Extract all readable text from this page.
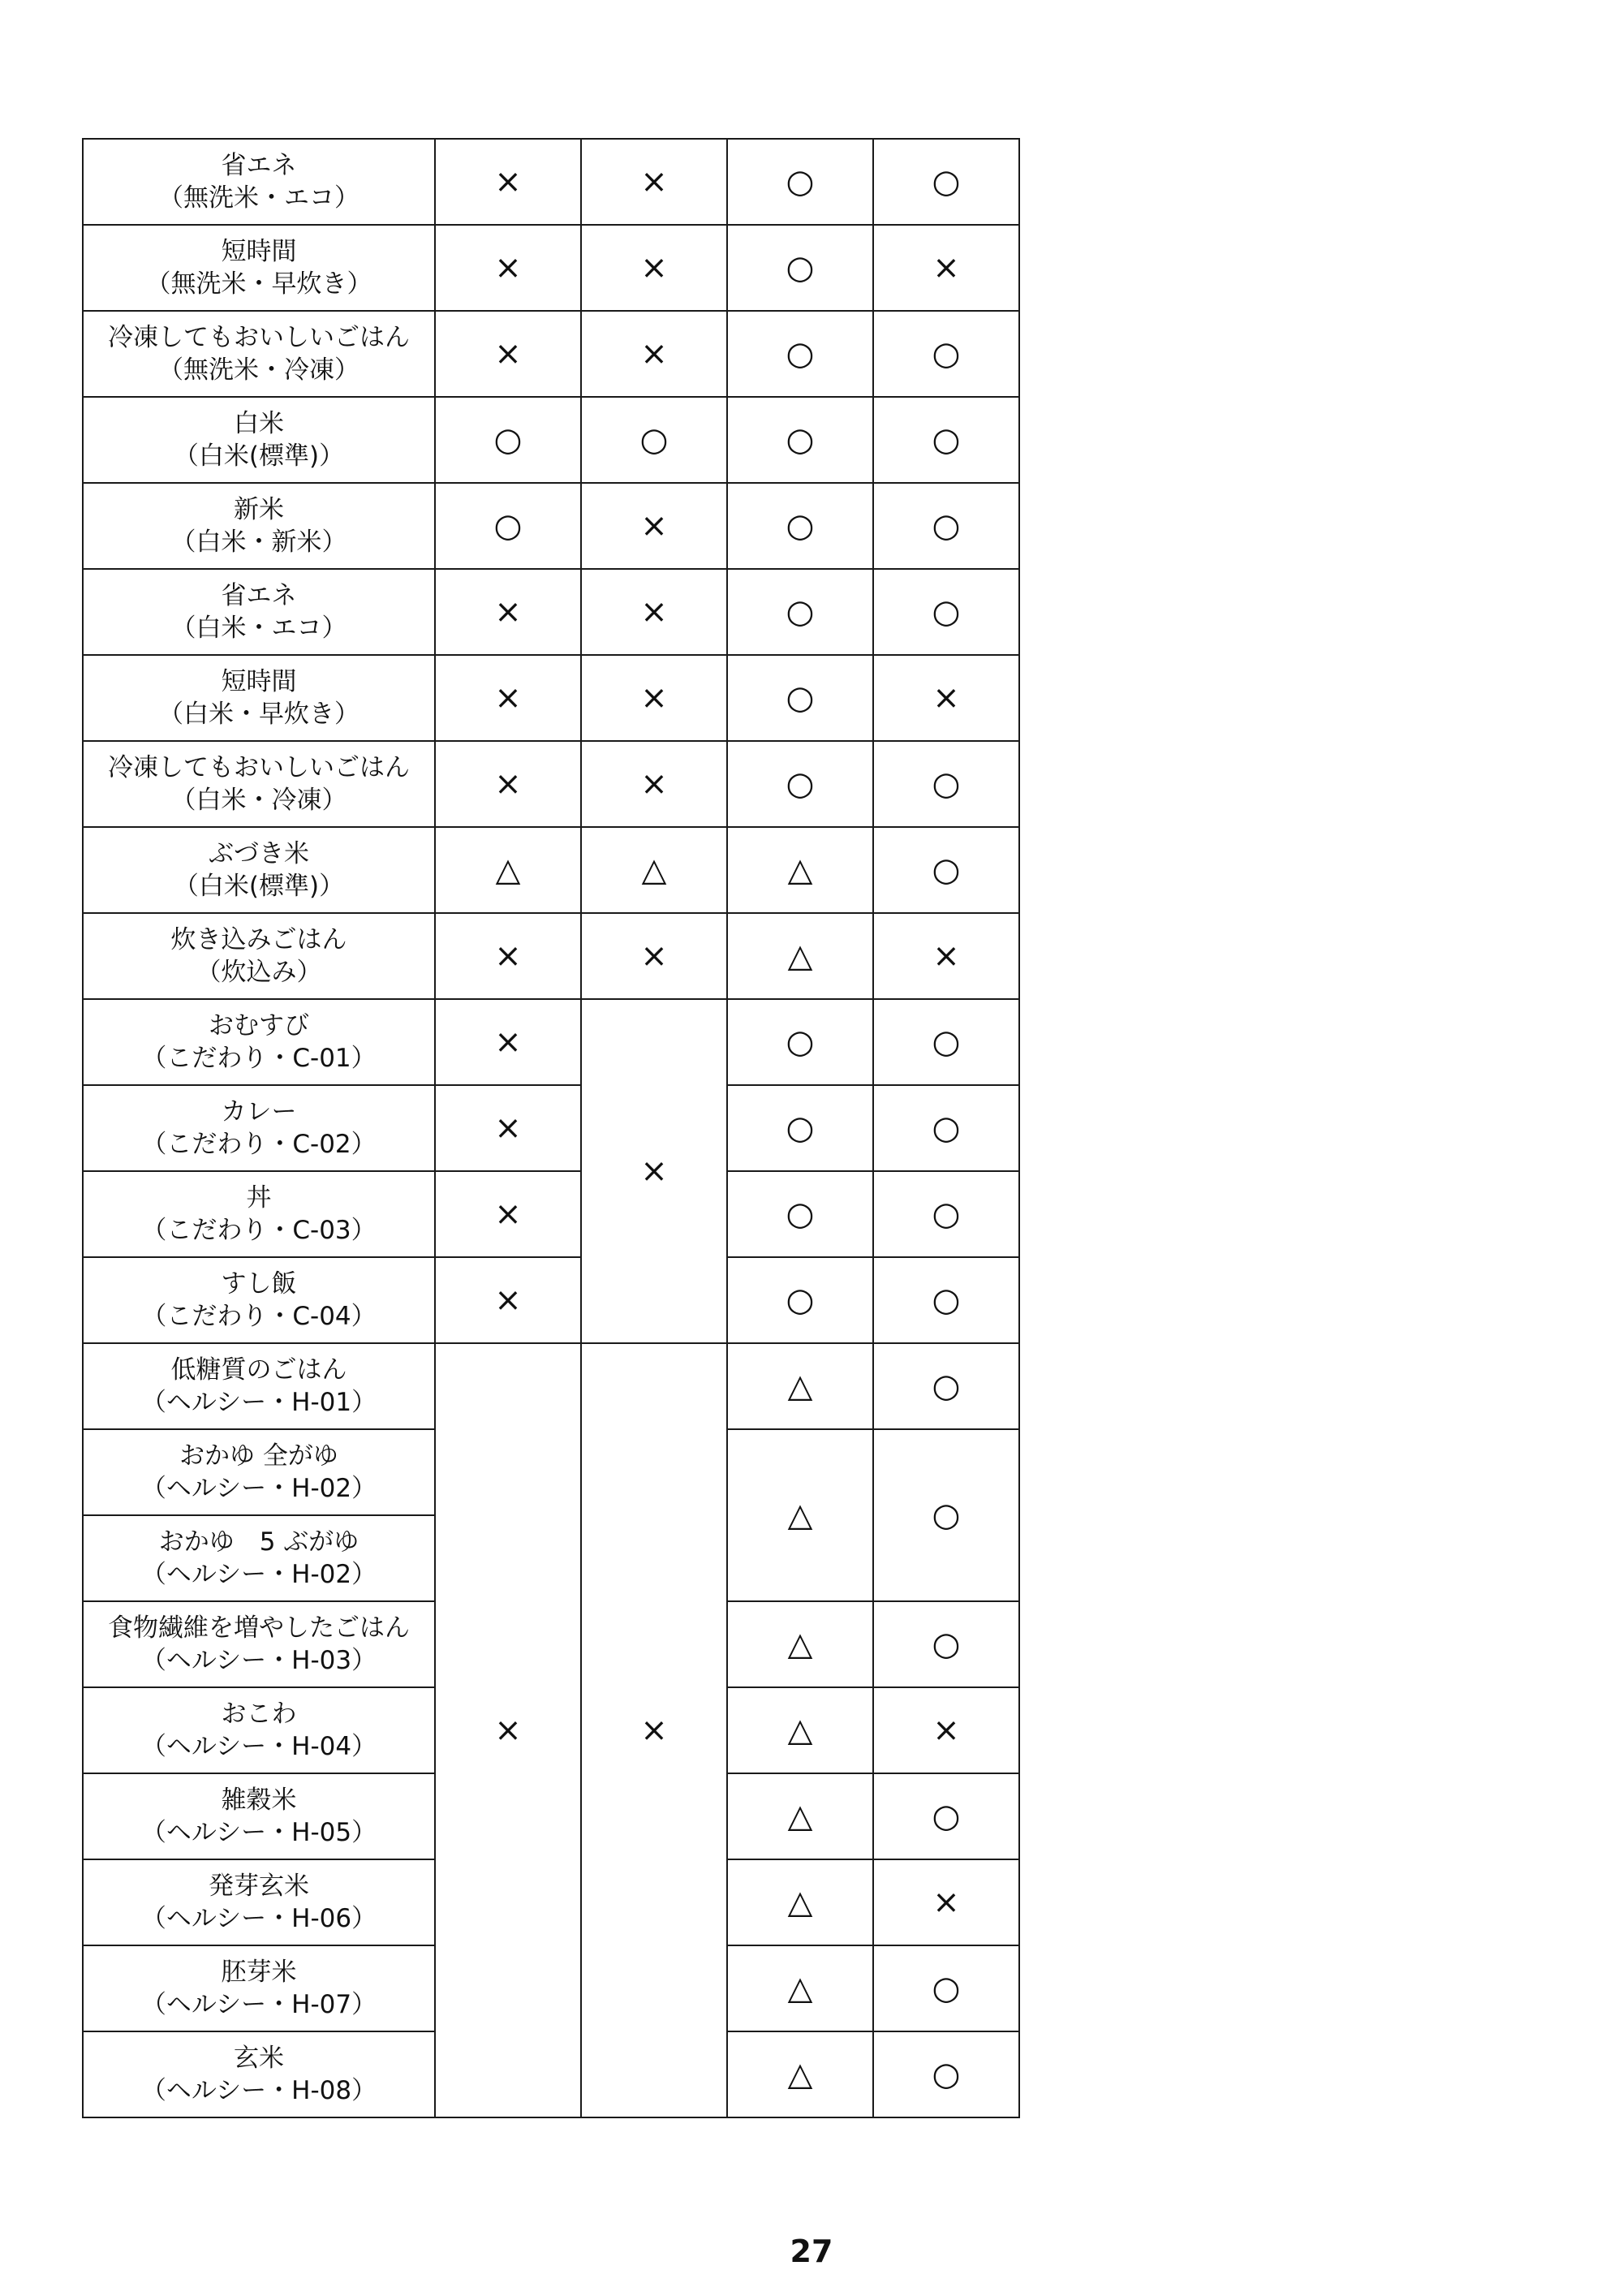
省エネ
（無洗米・エコ）	×	×	○	○

短時間
（無洗米・早炊き）	×	×	○	×

冷凍してもおいしいごはん
（無洗米・冷凍）	×	×	○	○

白米
（白米(標準)）	○	○	○	○

新米
（白米・新米）	○	×	○	○

省エネ
（白米・エコ）	×	×	○	○

短時間
（白米・早炊き）	×	×	○	×

冷凍してもおいしいごはん
（白米・冷凍）	×	×	○	○

ぶづき米
（白米(標準)）	△	△	△	○

炊き込みごはん
（炊込み）	×	×	△	×

おむすび
（こだわり・C-01）	×	×	○	○

カレー
（こだわり・C-02）	×		○	○

丼
（こだわり・C-03）	×		○	○

すし飯
（こだわり・C-04）	×		○	○

低糖質のごはん
（ヘルシー・H-01）	×	×	△	○

おかゆ 全がゆ
（ヘルシー・H-02）			△	○

おかゆ　5 ぶがゆ
（ヘルシー・H-02）				

食物繊維を増やしたごはん
（ヘルシー・H-03）			△	○

おこわ
（ヘルシー・H-04）			△	×

雑穀米
（ヘルシー・H-05）			△	○

発芽玄米
（ヘルシー・H-06）			△	×

胚芽米
（ヘルシー・H-07）			△	○

玄米
（ヘルシー・H-08）			△	○
27
